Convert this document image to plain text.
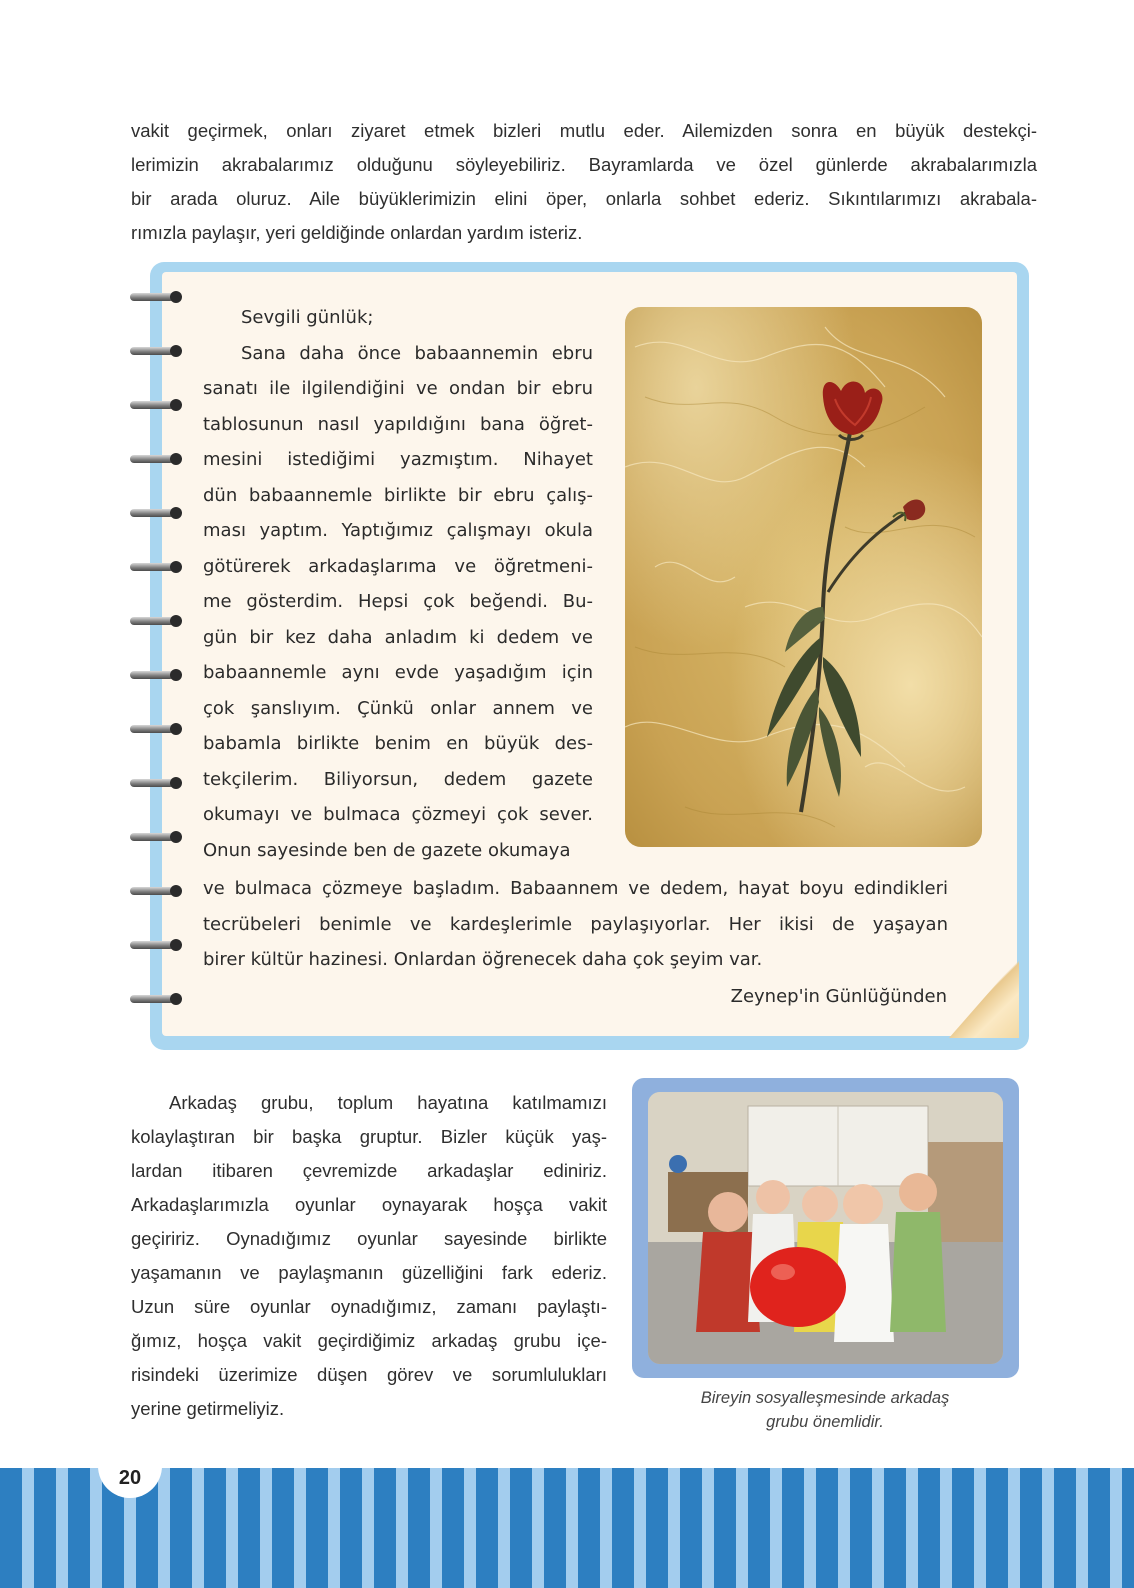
vakit geçirmek, onları ziyaret etmek bizleri mutlu eder. Ailemizden sonra en büyük destekçi-
lerimizin akrabalarımız olduğunu söyleyebiliriz. Bayramlarda ve özel günlerde akrabalarımızla
bir arada oluruz. Aile büyüklerimizin elini öper, onlarla sohbet ederiz. Sıkıntılarımızı akrabala-
rımızla paylaşır, yeri geldiğinde onlardan yardım isteriz.

Sevgili günlük;
Sana daha önce babaannemin ebru
sanatı ile ilgilendiğini ve ondan bir ebru
tablosunun nasıl yapıldığını bana öğret-
mesini istediğimi yazmıştım. Nihayet
dün babaannemle birlikte bir ebru çalış-
ması yaptım. Yaptığımız çalışmayı okula
götürerek arkadaşlarıma ve öğretmeni-
me gösterdim. Hepsi çok beğendi. Bu-
gün bir kez daha anladım ki dedem ve
babaannemle aynı evde yaşadığım için
çok şanslıyım. Çünkü onlar annem ve
babamla birlikte benim en büyük des-
tekçilerim. Biliyorsun, dedem gazete
okumayı ve bulmaca çözmeyi çok sever.
Onun sayesinde ben de gazete okumaya

ve bulmaca çözmeye başladım. Babaannem ve dedem, hayat boyu edindikleri
tecrübeleri benimle ve kardeşlerimle paylaşıyorlar. Her ikisi de yaşayan
birer kültür hazinesi. Onlardan öğrenecek daha çok şeyim var.

Zeynep'in Günlüğünden

Arkadaş grubu, toplum hayatına katılmamızı
kolaylaştıran bir başka gruptur. Bizler küçük yaş-
lardan itibaren çevremizde arkadaşlar ediniriz.
Arkadaşlarımızla oyunlar oynayarak hoşça vakit
geçiririz. Oynadığımız oyunlar sayesinde birlikte
yaşamanın ve paylaşmanın güzelliğini fark ederiz.
Uzun süre oyunlar oynadığımız, zamanı paylaştı-
ğımız, hoşça vakit geçirdiğimiz arkadaş grubu içe-
risindeki üzerimize düşen görev ve sorumlulukları
yerine getirmeliyiz.	Bireyin sosyalleşmesinde arkadaş
grubu önemlidir.

20
